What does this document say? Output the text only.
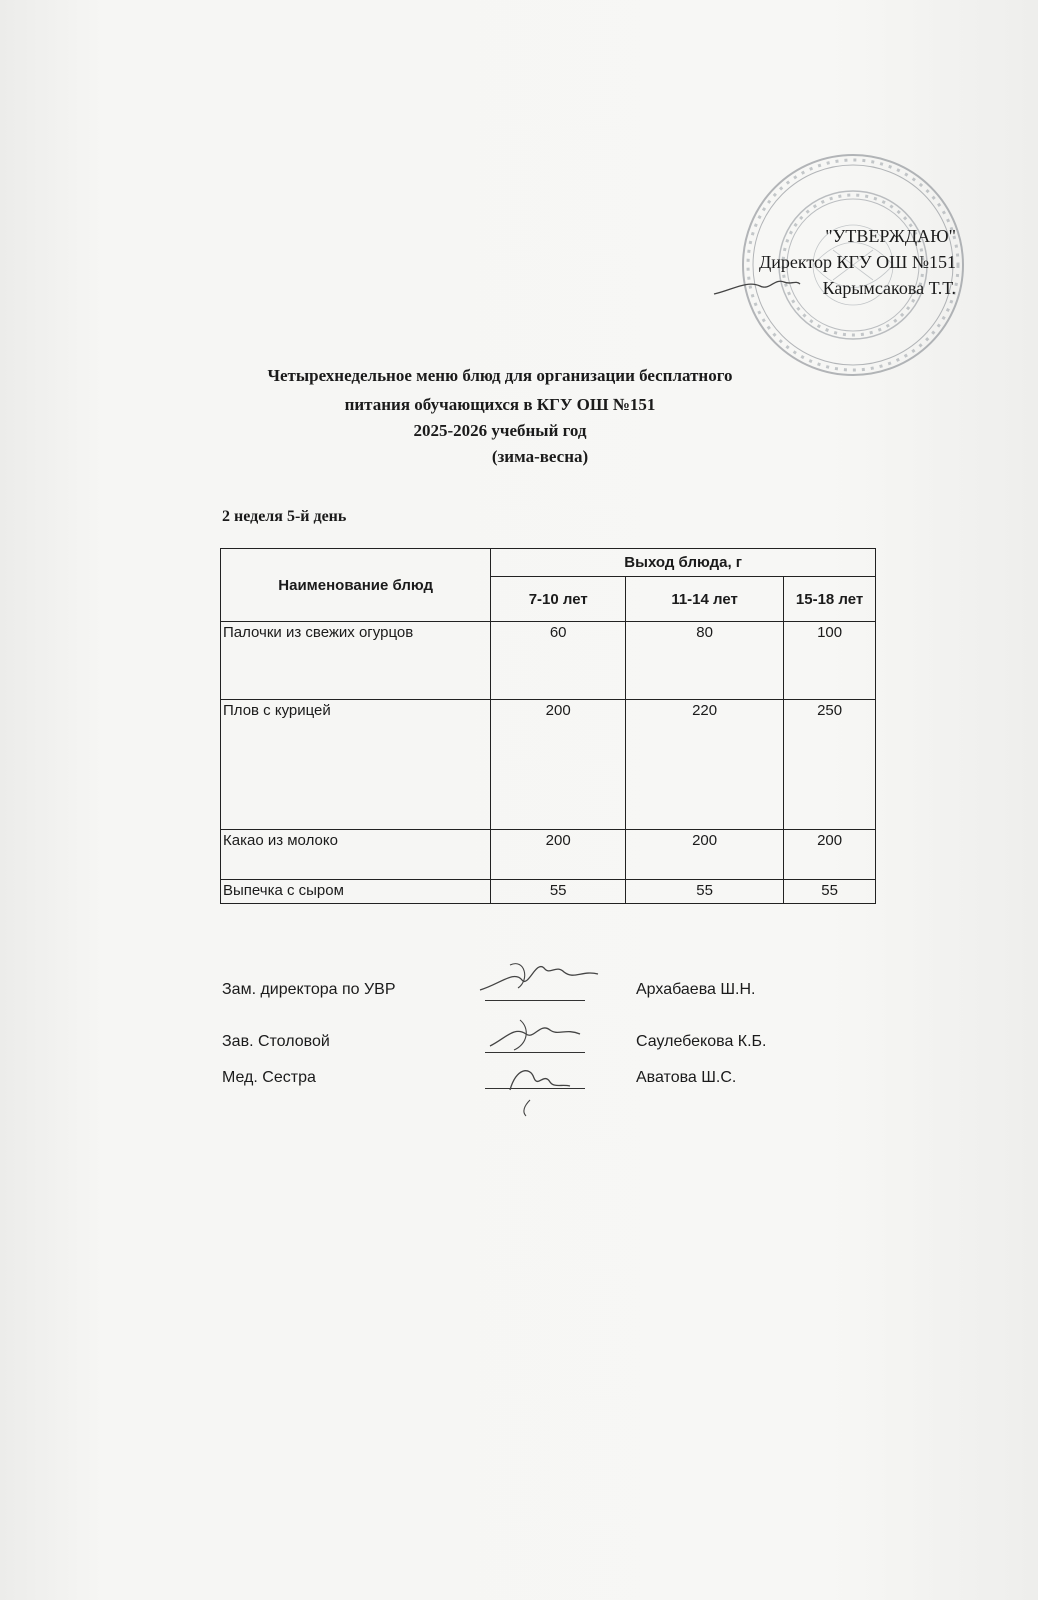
"УТВЕРЖДАЮ"
Директор КГУ ОШ №151
Карымсакова Т.Т.
Четырехнедельное меню блюд для организации бесплатного
питания обучающихся в КГУ ОШ №151
2025-2026 учебный год
(зима-весна)
2 неделя 5-й день
Наименование блюд	Выход блюда, г		
	7-10 лет	11-14 лет	15-18 лет
Палочки из свежих огурцов	60	80	100
Плов с курицей	200	220	250
Какао из молоко	200	200	200
Выпечка с сыром	55	55	55
Зам. директора по УВР	Архабаева Ш.Н.
Зав. Столовой	Саулебекова К.Б.
Мед. Сестра	Аватова Ш.С.
